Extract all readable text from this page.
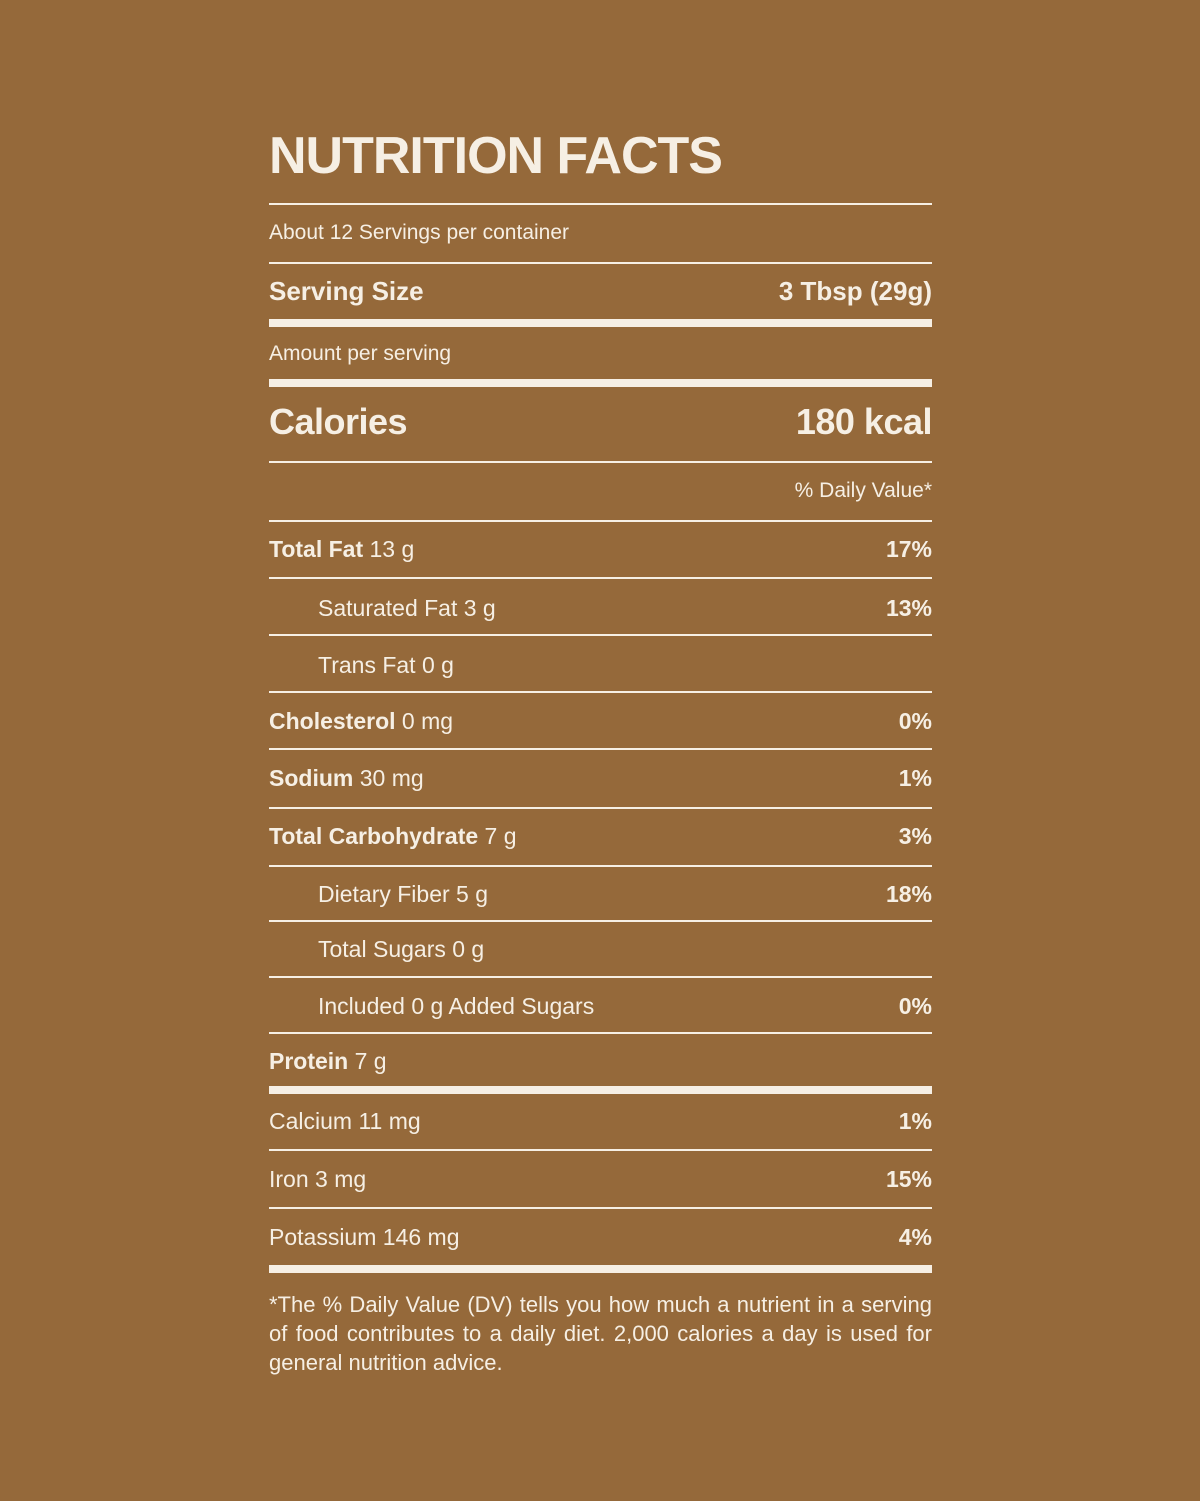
NUTRITION FACTS
About 12 Servings per container
Serving Size	3 Tbsp (29g)
Amount per serving
Calories	180 kcal
% Daily Value*
Total Fat 13 g	17%
Saturated Fat 3 g	13%
Trans Fat 0 g
Cholesterol 0 mg	0%
Sodium 30 mg	1%
Total Carbohydrate 7 g	3%
Dietary Fiber 5 g	18%
Total Sugars 0 g
Included 0 g Added Sugars	0%
Protein 7 g
Calcium 11 mg	1%
Iron 3 mg	15%
Potassium 146 mg	4%
*The % Daily Value (DV) tells you how much a nutrient in a serving of food contributes to a daily diet. 2,000 calories a day is used for general nutrition advice.
